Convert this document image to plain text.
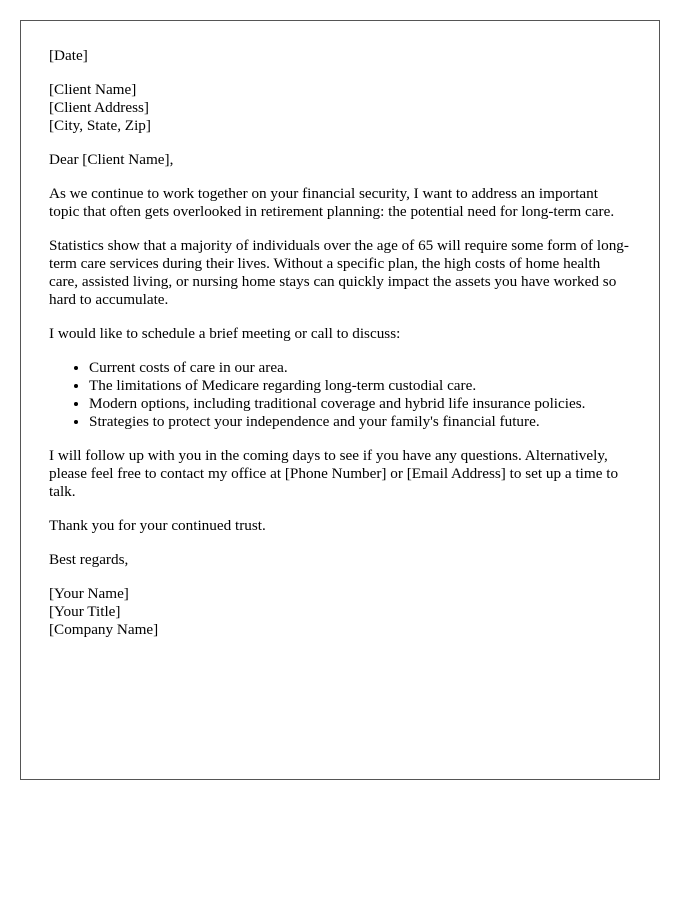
[Date]

[Client Name]
[Client Address]
[City, State, Zip]

Dear [Client Name],

As we continue to work together on your financial security, I want to address an important topic that often gets overlooked in retirement planning: the potential need for long-term care.

Statistics show that a majority of individuals over the age of 65 will require some form of long-term care services during their lives. Without a specific plan, the high costs of home health care, assisted living, or nursing home stays can quickly impact the assets you have worked so hard to accumulate.

I would like to schedule a brief meeting or call to discuss:

• Current costs of care in our area.
• The limitations of Medicare regarding long-term custodial care.
• Modern options, including traditional coverage and hybrid life insurance policies.
• Strategies to protect your independence and your family's financial future.

I will follow up with you in the coming days to see if you have any questions. Alternatively, please feel free to contact my office at [Phone Number] or [Email Address] to set up a time to talk.

Thank you for your continued trust.

Best regards,

[Your Name]
[Your Title]
[Company Name]
